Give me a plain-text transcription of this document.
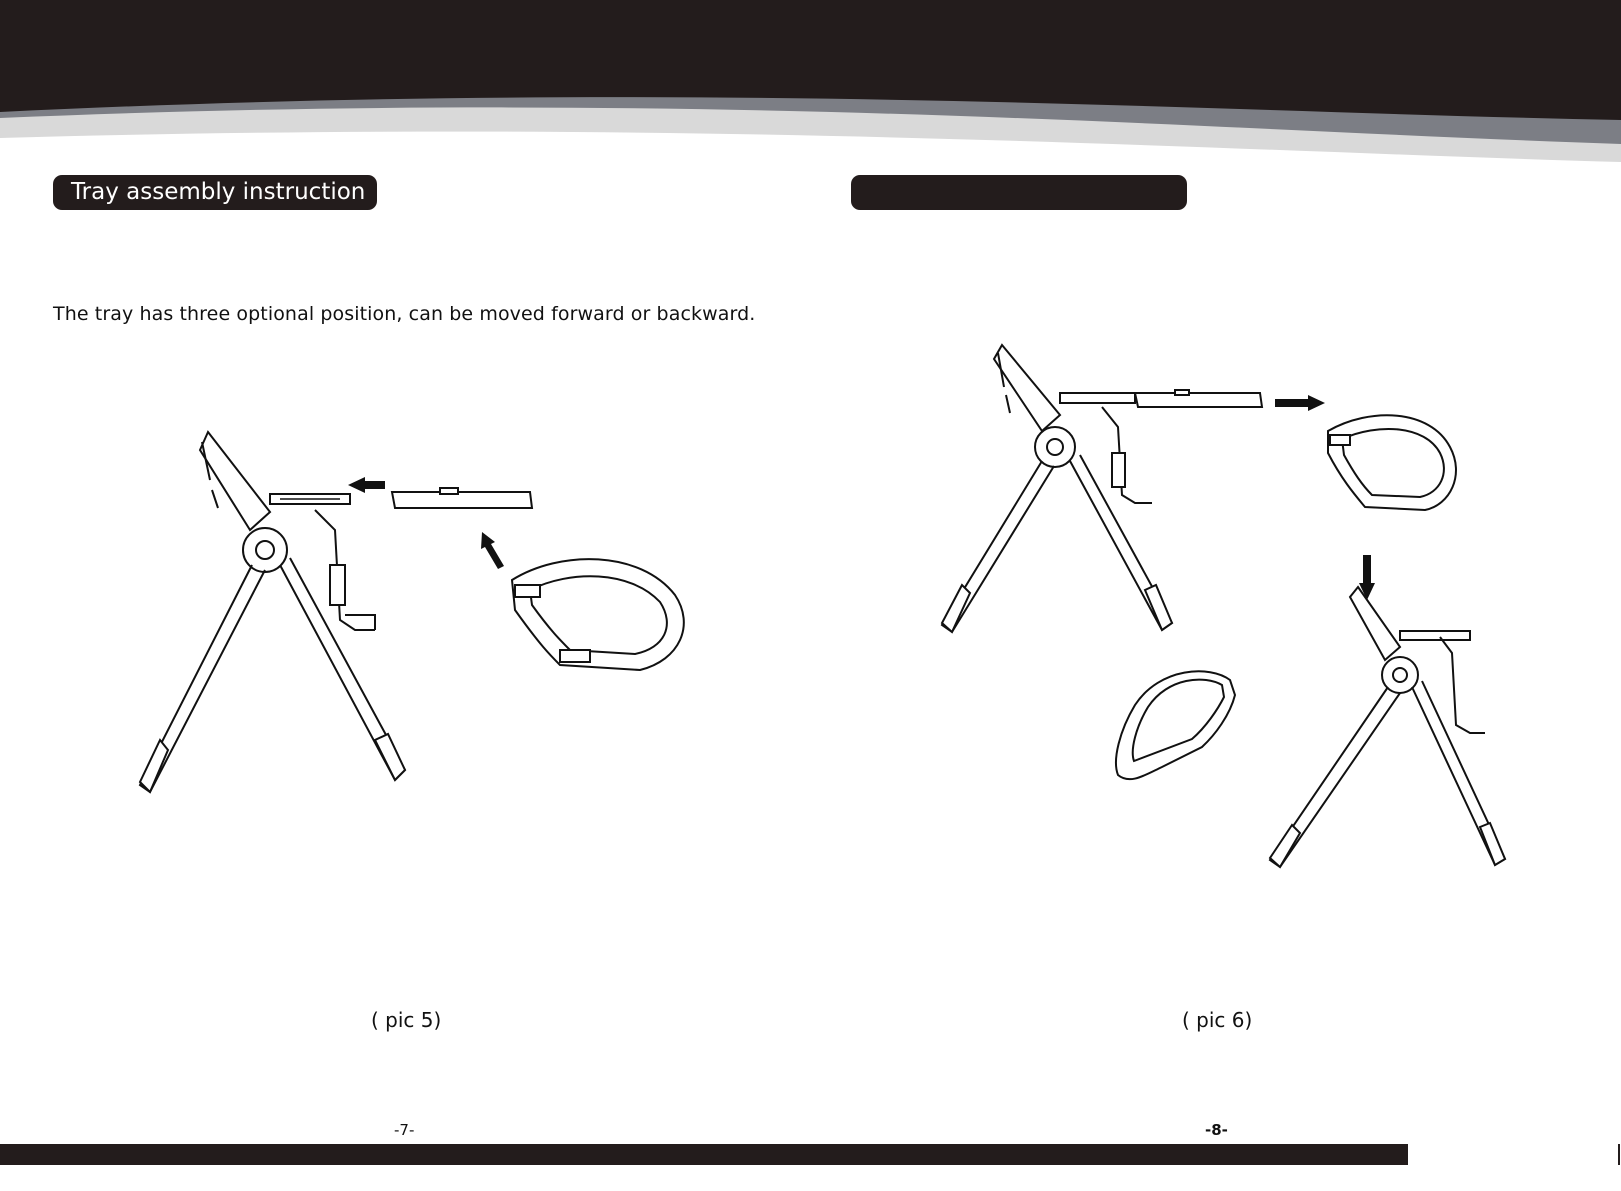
Tray assembly instruction
The tray has three optional position, can be moved forward or backward.
( pic 5)	( pic 6)
-7-	-8-
